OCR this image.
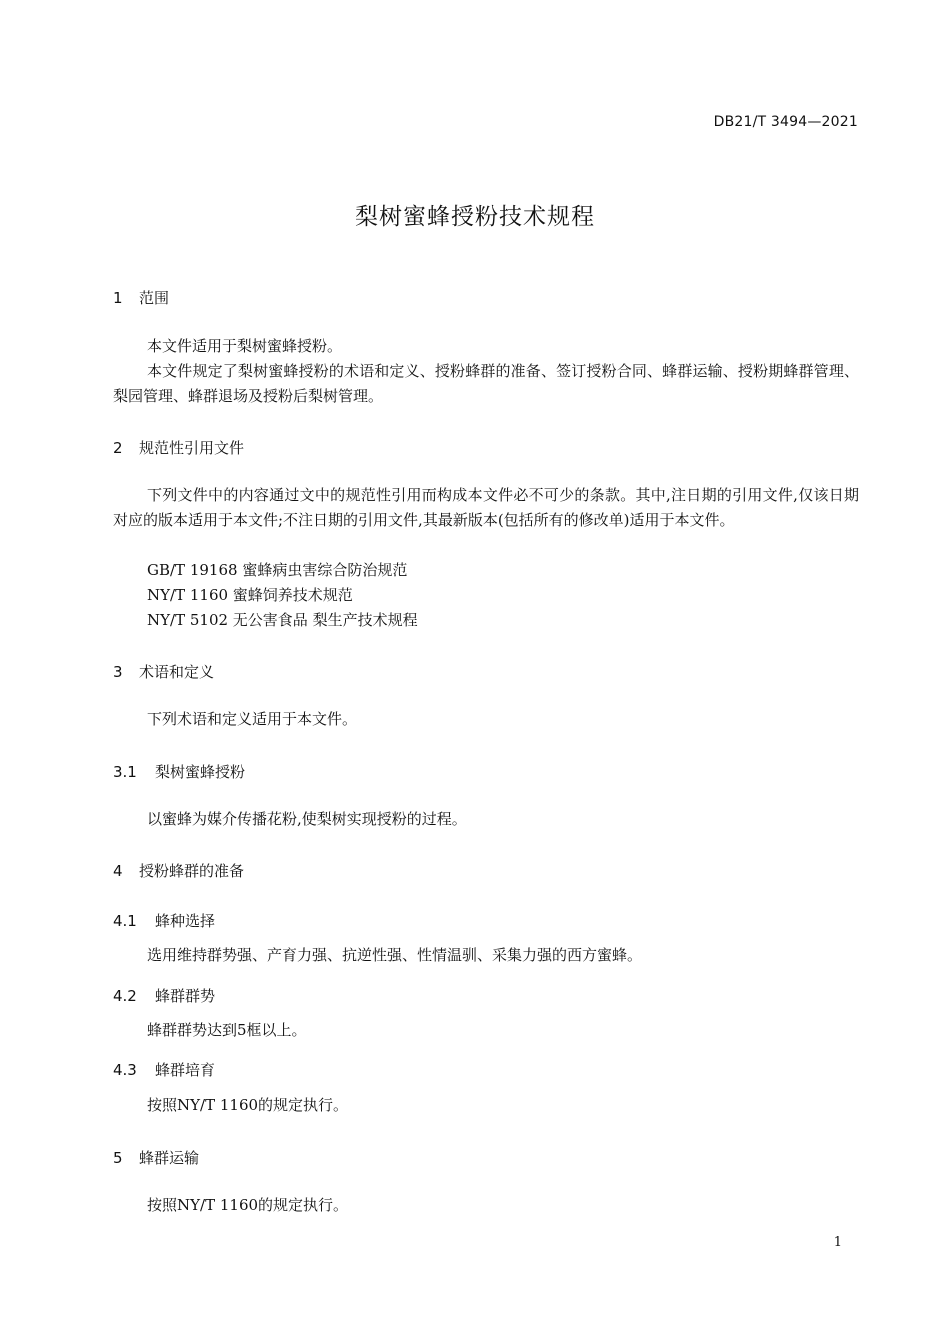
DB21/T 3494—2021
梨树蜜蜂授粉技术规程
1 范围
本文件适用于梨树蜜蜂授粉。
本文件规定了梨树蜜蜂授粉的术语和定义、授粉蜂群的准备、签订授粉合同、蜂群运输、授粉期蜂群管理、梨园管理、蜂群退场及授粉后梨树管理。
2 规范性引用文件
下列文件中的内容通过文中的规范性引用而构成本文件必不可少的条款。其中,注日期的引用文件,仅该日期对应的版本适用于本文件;不注日期的引用文件,其最新版本(包括所有的修改单)适用于本文件。
GB/T 19168 蜜蜂病虫害综合防治规范
NY/T 1160 蜜蜂饲养技术规范
NY/T 5102 无公害食品 梨生产技术规程
3 术语和定义
下列术语和定义适用于本文件。
3.1 梨树蜜蜂授粉
以蜜蜂为媒介传播花粉,使梨树实现授粉的过程。
4 授粉蜂群的准备
4.1 蜂种选择
选用维持群势强、产育力强、抗逆性强、性情温驯、采集力强的西方蜜蜂。
4.2 蜂群群势
蜂群群势达到5框以上。
4.3 蜂群培育
按照NY/T 1160的规定执行。
5 蜂群运输
按照NY/T 1160的规定执行。
1
